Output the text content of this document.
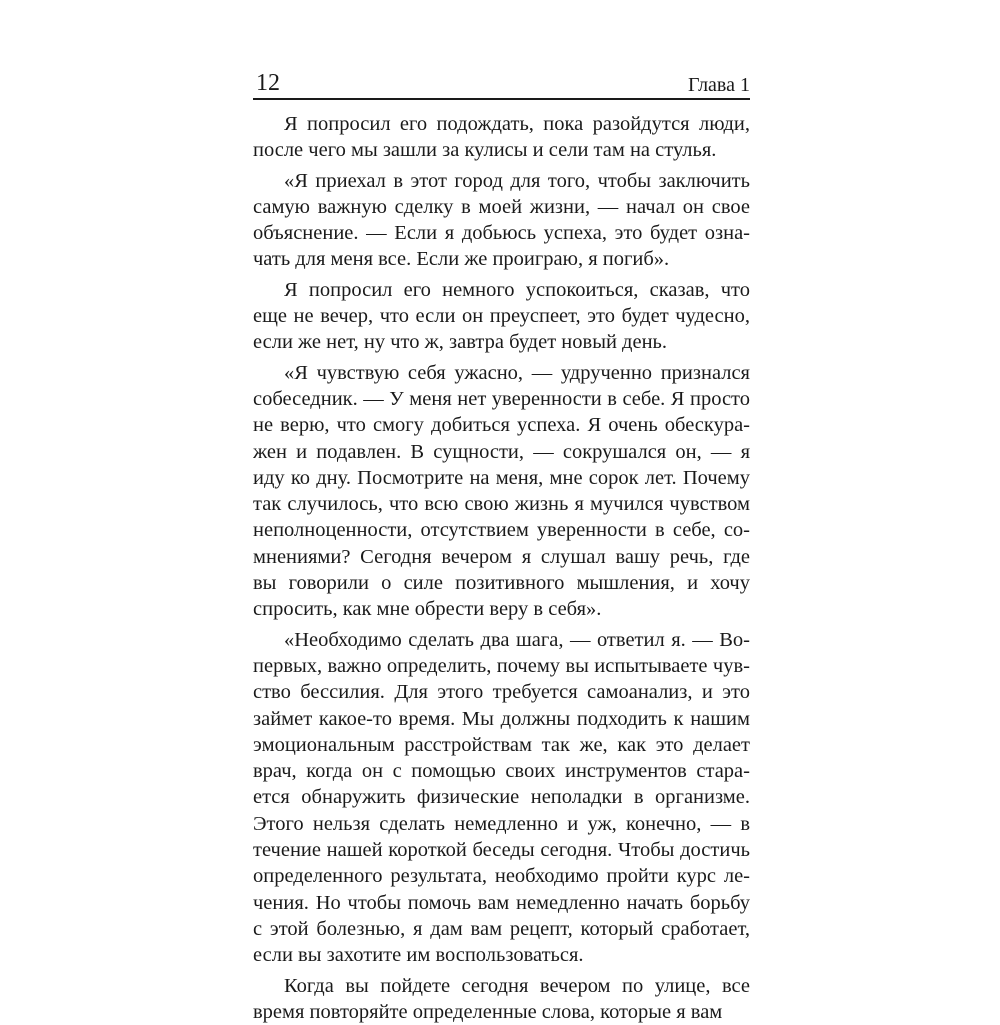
12	Глава 1
Я попросил его подождать, пока разойдутся люди,
после чего мы зашли за кулисы и сели там на стулья.
«Я приехал в этот город для того, чтобы заключить
самую важную сделку в моей жизни, — начал он свое
объяснение. — Если я добьюсь успеха, это будет озна-
чать для меня все. Если же проиграю, я погиб».
Я попросил его немного успокоиться, сказав, что
еще не вечер, что если он преуспеет, это будет чудесно,
если же нет, ну что ж, завтра будет новый день.
«Я чувствую себя ужасно, — удрученно признался
собеседник. — У меня нет уверенности в себе. Я просто
не верю, что смогу добиться успеха. Я очень обескура-
жен и подавлен. В сущности, — сокрушался он, — я
иду ко дну. Посмотрите на меня, мне сорок лет. Почему
так случилось, что всю свою жизнь я мучился чувством
неполноценности, отсутствием уверенности в себе, со-
мнениями? Сегодня вечером я слушал вашу речь, где
вы говорили о силе позитивного мышления, и хочу
спросить, как мне обрести веру в себя».
«Необходимо сделать два шага, — ответил я. — Во-
первых, важно определить, почему вы испытываете чув-
ство бессилия. Для этого требуется самоанализ, и это
займет какое-то время. Мы должны подходить к нашим
эмоциональным расстройствам так же, как это делает
врач, когда он с помощью своих инструментов стара-
ется обнаружить физические неполадки в организме.
Этого нельзя сделать немедленно и уж, конечно, — в
течение нашей короткой беседы сегодня. Чтобы достичь
определенного результата, необходимо пройти курс ле-
чения. Но чтобы помочь вам немедленно начать борьбу
с этой болезнью, я дам вам рецепт, который сработает,
если вы захотите им воспользоваться.
Когда вы пойдете сегодня вечером по улице, все
время повторяйте определенные слова, которые я вам
